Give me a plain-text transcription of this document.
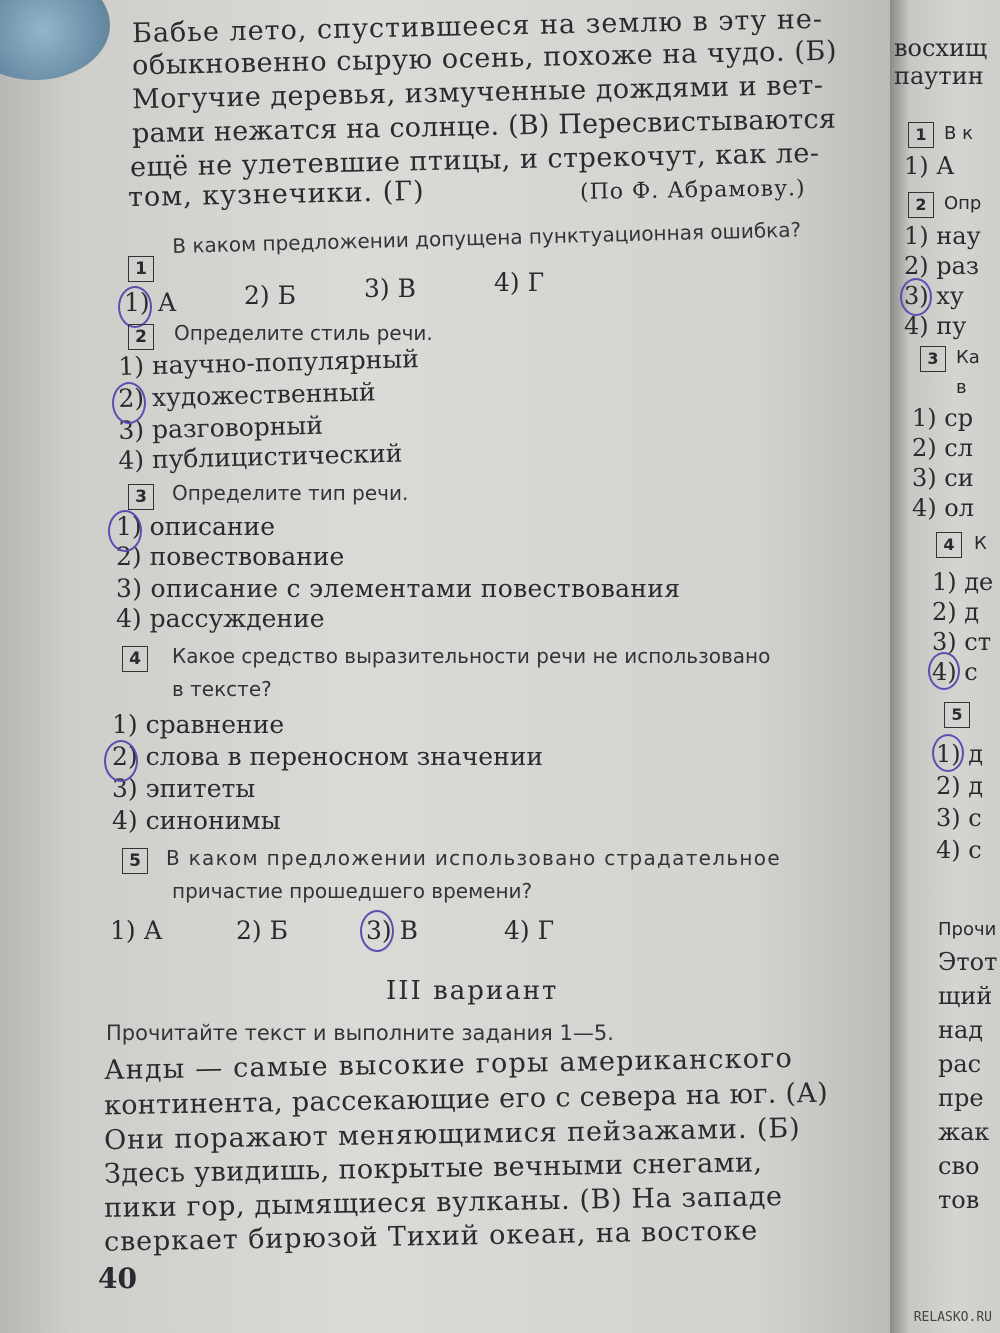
Бабье лето, спустившееся на землю в эту не-
обыкновенно сырую осень, похоже на чудо. (Б)
Могучие деревья, измученные дождями и вет-
рами нежатся на солнце. (В) Пересвистываются
ещё не улетевшие птицы, и стрекочут, как ле-
том, кузнечики. (Г)	(По Ф. Абрамову.)
1
В каком предложении допущена пунктуационная ошибка?
1) А	2) Б	3) В	4) Г
2	Определите стиль речи.
1) научно-популярный
2) художественный
3) разговорный
4) публицистический
3	Определите тип речи.
1) описание
2) повествование
3) описание с элементами повествования
4) рассуждение
4	Какое средство выразительности речи не использовано
в тексте?
1) сравнение
2) слова в переносном значении
3) эпитеты
4) синонимы
5	В каком предложении использовано страдательное
причастие прошедшего времени?
1) А	2) Б	3) В	4) Г
III вариант
Прочитайте текст и выполните задания 1—5.
Анды — самые высокие горы американского
континента, рассекающие его с севера на юг. (А)
Они поражают меняющимися пейзажами. (Б)
Здесь увидишь, покрытые вечными снегами,
пики гор, дымящиеся вулканы. (В) На западе
сверкает бирюзой Тихий океан, на востоке
40
восхищ
паутин
1 В к
1) А
2 Опр
1) нау
2) раз
3) ху
4) пу
3 Ка
в
1) ср
2) сл
3) си
4) ол
4	К
1) де
2) д
3) ст
4) с
5
1) д
2) д
3) с
4) с
Прочи
Этот
щий
над
рас
пре
жак
сво
тов
RELASKO.RU
